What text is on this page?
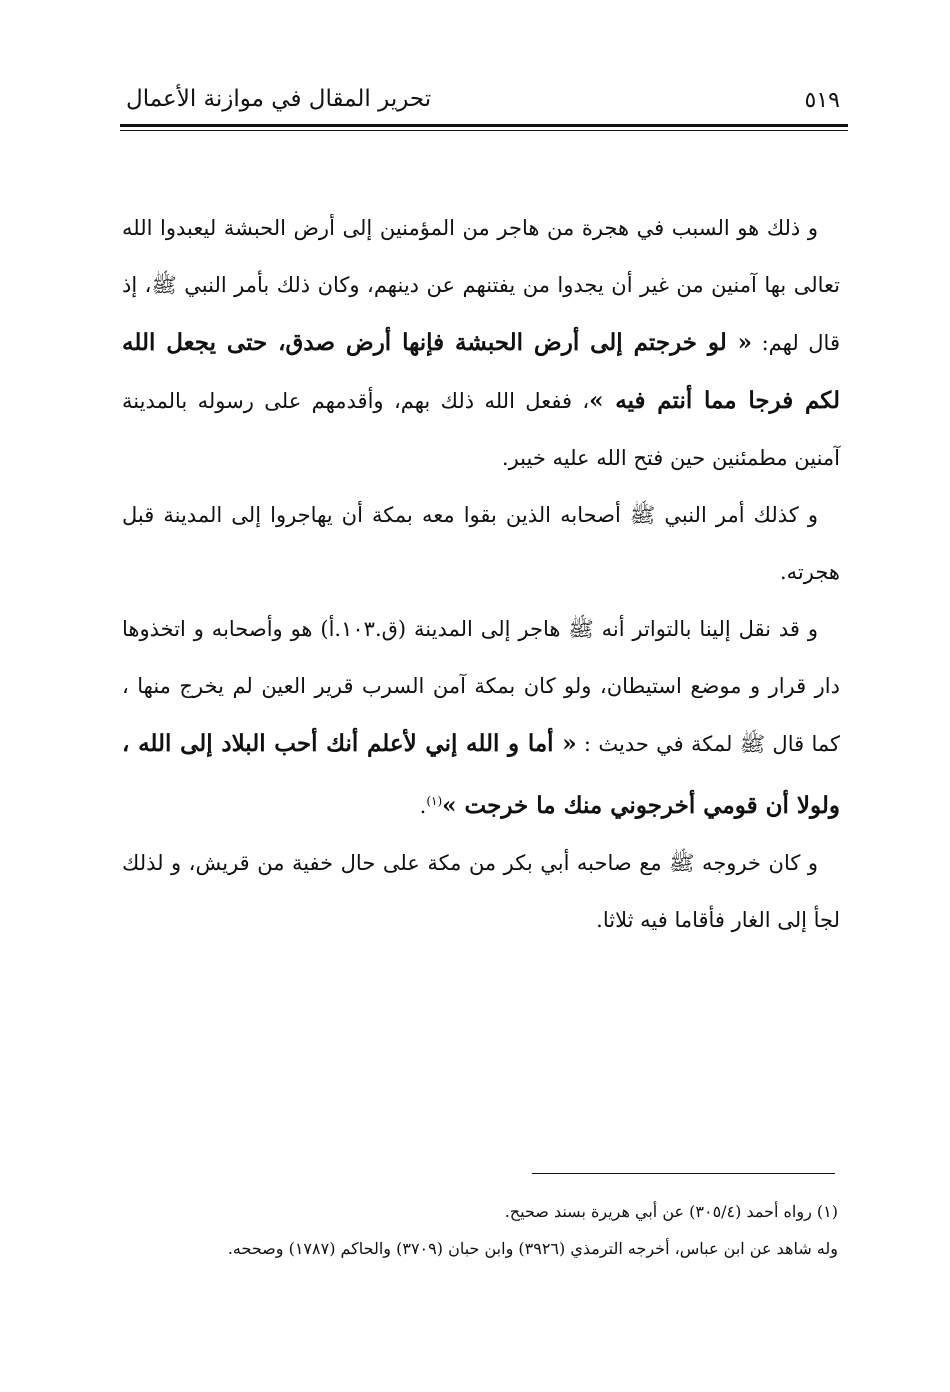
تحرير المقال في موازنة الأعمال	٥١٩

و ذلك هو السبب في هجرة من هاجر من المؤمنين إلى أرض الحبشة ليعبدوا الله تعالى بها آمنين من غير أن يجدوا من يفتنهم عن دينهم، وكان ذلك بأمر النبي ﷺ، إذ قال لهم: « لو خرجتم إلى أرض الحبشة فإنها أرض صدق، حتى يجعل الله لكم فرجا مما أنتم فيه »، ففعل الله ذلك بهم، وأقدمهم على رسوله بالمدينة آمنين مطمئنين حين فتح الله عليه خيبر.

و كذلك أمر النبي ﷺ أصحابه الذين بقوا معه بمكة أن يهاجروا إلى المدينة قبل هجرته.

و قد نقل إلينا بالتواتر أنه ﷺ هاجر إلى المدينة (ق.١٠٣.أ) هو وأصحابه و اتخذوها دار قرار و موضع استيطان، ولو كان بمكة آمن السرب قرير العين لم يخرج منها ، كما قال ﷺ لمكة في حديث : « أما و الله إني لأعلم أنك أحب البلاد إلى الله ، ولولا أن قومي أخرجوني منك ما خرجت »$^{(١)}$.

و كان خروجه ﷺ مع صاحبه أبي بكر من مكة على حال خفية من قريش، و لذلك لجأ إلى الغار فأقاما فيه ثلاثا.

(١) رواه أحمد (٣٠٥/٤) عن أبي هريرة بسند صحيح.

وله شاهد عن ابن عباس، أخرجه الترمذي (٣٩٢٦) وابن حبان (٣٧٠٩) والحاكم (١٧٨٧) وصححه.
